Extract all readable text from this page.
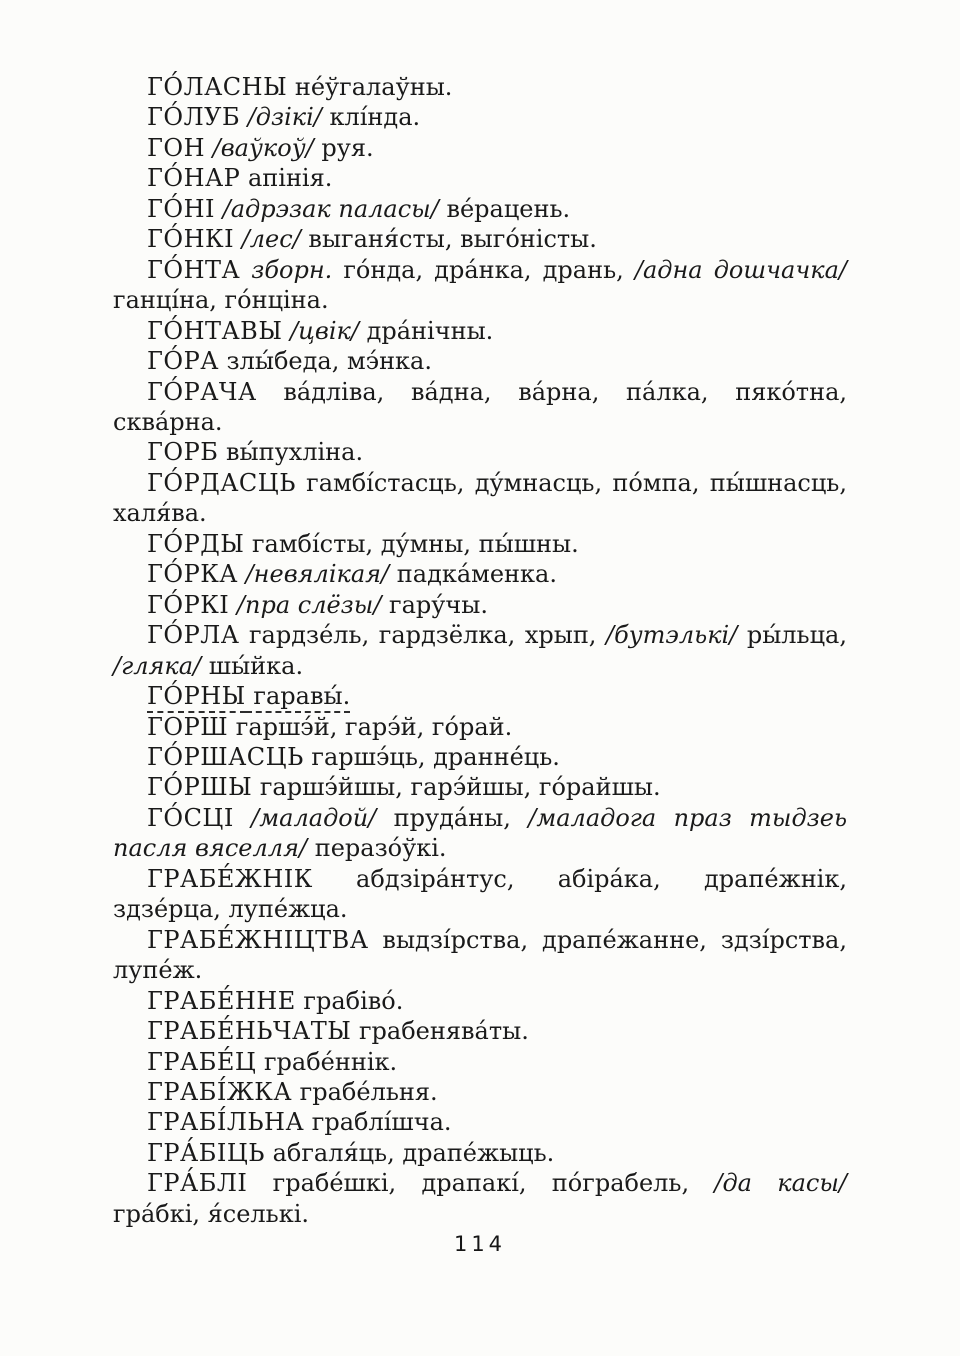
ГО́ЛАСНЫ не́ўгалаўны.

ГО́ЛУБ /дзікі/ клі́нда.

ГОН /ваўкоў/ руя.

ГО́НАР апінія.

ГО́НІ /адрэзак паласы/ ве́рацень.

ГО́НКІ /лес/ выганя́сты, выго́ністы.

ГО́НТА зборн. го́нда, дра́нка, дрань, /адна дошчачка/ ганці́на, го́нціна.

ГО́НТАВЫ /цвік/ дра́нічны.

ГО́РА злы́беда, мэ́нка.

ГО́РАЧА ва́дліва, ва́дна, ва́рна, па́лка, пяко́тна, сква́рна.

ГОРБ вы́пухліна.

ГО́РДАСЦЬ гамбі́стасць, ду́мнасць, по́мпа, пы́шнасць, халя́ва.

ГО́РДЫ гамбі́сты, ду́мны, пы́шны.

ГО́РКА /невялікая/ падка́менка.

ГО́РКІ /пра слёзы/ гару́чы.

ГО́РЛА гардзе́ль, гардзёлка, хрып, /бутэлькі/ ры́льца, /гляка/ шы́йка.

ГО́РНЫ гаравы́.

ГОРШ гаршэ́й, гарэ́й, го́рай.

ГО́РШАСЦЬ гаршэ́ць, дранне́ць.

ГО́РШЫ гаршэ́йшы, гарэ́йшы, го́райшы.

ГО́СЦІ /маладой/ пруда́ны, /маладога праз тыдзеь пасля вяселля/ перазо́ўкі.

ГРАБЕ́ЖНІК абдзіра́нтус, абіра́ка, драпе́жнік, здзе́рца, лупе́жца.

ГРАБЕ́ЖНІЦТВА выдзі́рства, драпе́жанне, здзі́рства, лупе́ж.

ГРАБЕ́ННЕ грабіво́.

ГРАБЕ́НЬЧАТЫ грабенява́ты.

ГРАБЕ́Ц грабе́ннік.

ГРАБІ́ЖКА грабе́льня.

ГРАБІ́ЛЬНА граблі́шча.

ГРА́БІЦЬ абгаля́ць, драпе́жыць.

ГРА́БЛІ грабе́шкі, драпакі́, по́грабель, /да касы/ гра́бкі, я́селькі.

114
